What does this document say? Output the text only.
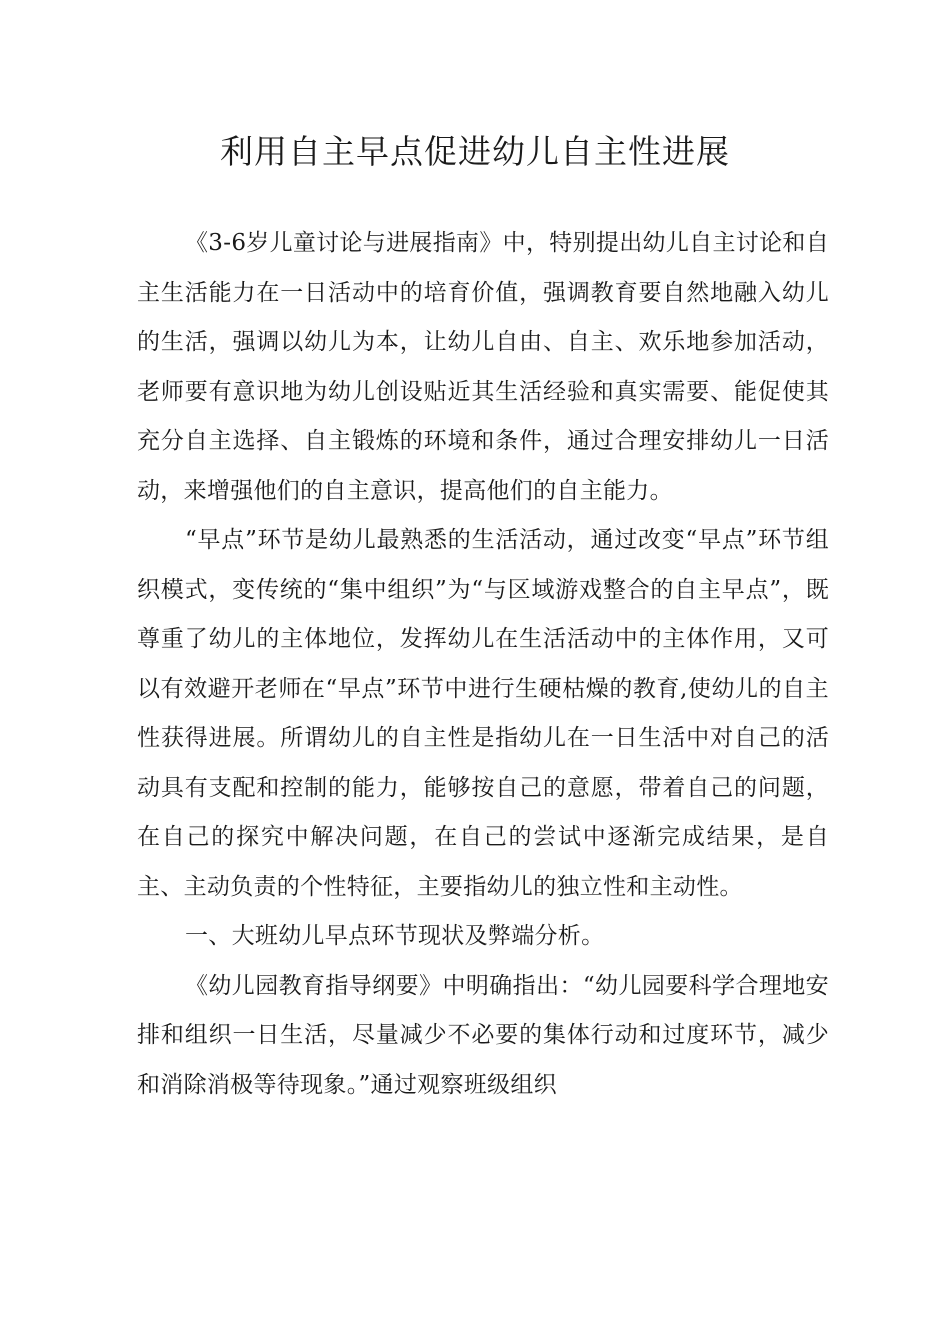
利用自主早点促进幼儿自主性进展

《3-6岁儿童讨论与进展指南》中，特别提出幼儿自主讨论和自主生活能力在一日活动中的培育价值，强调教育要自然地融入幼儿的生活，强调以幼儿为本，让幼儿自由、自主、欢乐地参加活动，老师要有意识地为幼儿创设贴近其生活经验和真实需要、能促使其充分自主选择、自主锻炼的环境和条件，通过合理安排幼儿一日活动，来增强他们的自主意识，提高他们的自主能力。

“早点”环节是幼儿最熟悉的生活活动，通过改变“早点”环节组织模式，变传统的“集中组织”为“与区域游戏整合的自主早点”，既尊重了幼儿的主体地位，发挥幼儿在生活活动中的主体作用，又可以有效避开老师在“早点”环节中进行生硬枯燥的教育,使幼儿的自主性获得进展。所谓幼儿的自主性是指幼儿在一日生活中对自己的活动具有支配和控制的能力，能够按自己的意愿，带着自己的问题，在自己的探究中解决问题，在自己的尝试中逐渐完成结果，是自主、主动负责的个性特征，主要指幼儿的独立性和主动性。

一、大班幼儿早点环节现状及弊端分析。

《幼儿园教育指导纲要》中明确指出：“幼儿园要科学合理地安排和组织一日生活，尽量减少不必要的集体行动和过度环节，减少和消除消极等待现象。”通过观察班级组织
